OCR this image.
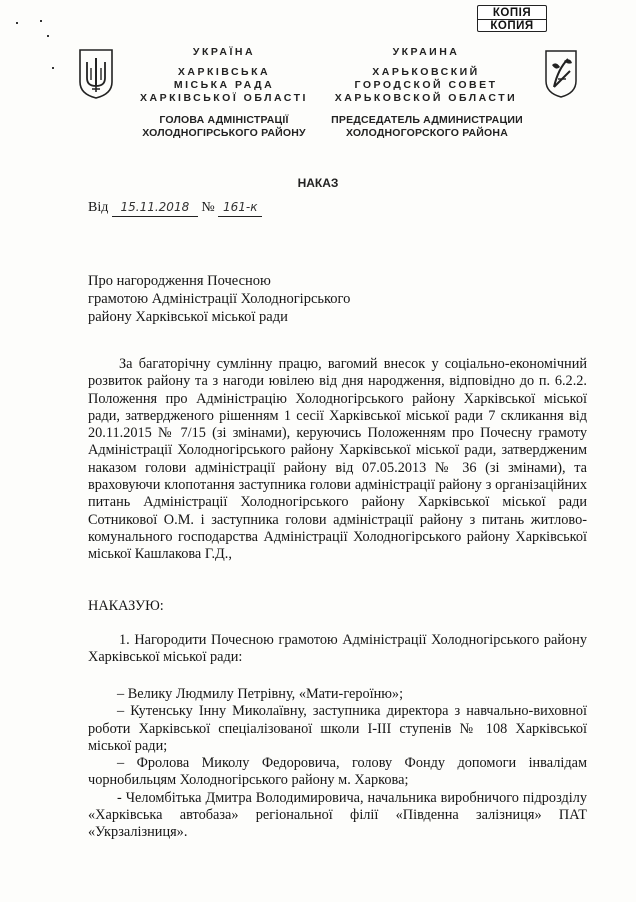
КОПІЯ
КОПИЯ
УКРАЇНА
ХАРКІВСЬКА
МІСЬКА РАДА
ХАРКІВСЬКОЇ ОБЛАСТІ
ГОЛОВА АДМІНІСТРАЦІЇ
ХОЛОДНОГІРСЬКОГО РАЙОНУ
УКРАИНА
ХАРЬКОВСКИЙ
ГОРОДСКОЙ СОВЕТ
ХАРЬКОВСКОЙ ОБЛАСТИ
ПРЕДСЕДАТЕЛЬ АДМИНИСТРАЦИИ
ХОЛОДНОГОРСКОГО РАЙОНА
НАКАЗ
Від 15.11.2018 № 161-к
Про нагородження Почесною
грамотою Адміністрації Холодногірського
району Харківської міської ради

За багаторічну сумлінну працю, вагомий внесок у соціально-економічний розвиток району та з нагоди ювілею від дня народження, відповідно до п. 6.2.2. Положення про Адміністрацію Холодногірського району Харківської міської ради, затвердженого рішенням 1 сесії Харківської міської ради 7 скликання від 20.11.2015 № 7/15 (зі змінами), керуючись Положенням про Почесну грамоту Адміністрації Холодногірського району Харківської міської ради, затвердженим наказом голови адміністрації району від 07.05.2013 № 36 (зі змінами), та враховуючи клопотання заступника голови адміністрації району з організаційних питань Адміністрації Холодногірського району Харківської міської ради Сотникової О.М. і заступника голови адміністрації району з питань житлово-комунального господарства Адміністрації Холодногірського району Харківської міської Кашлакова Г.Д.,

НАКАЗУЮ:

1. Нагородити Почесною грамотою Адміністрації Холодногірського району Харківської міської ради:

– Велику Людмилу Петрівну, «Мати-героїню»;

– Кутенську Інну Миколаївну, заступника директора з навчально-виховної роботи Харківської спеціалізованої школи І-ІІІ ступенів № 108 Харківської міської ради;

– Фролова Миколу Федоровича, голову Фонду допомоги інвалідам чорнобильцям Холодногірського району м. Харкова;

- Челомбітька Дмитра Володимировича, начальника виробничого підрозділу «Харківська автобаза» регіональної філії «Південна залізниця» ПАТ «Укрзалізниця».
